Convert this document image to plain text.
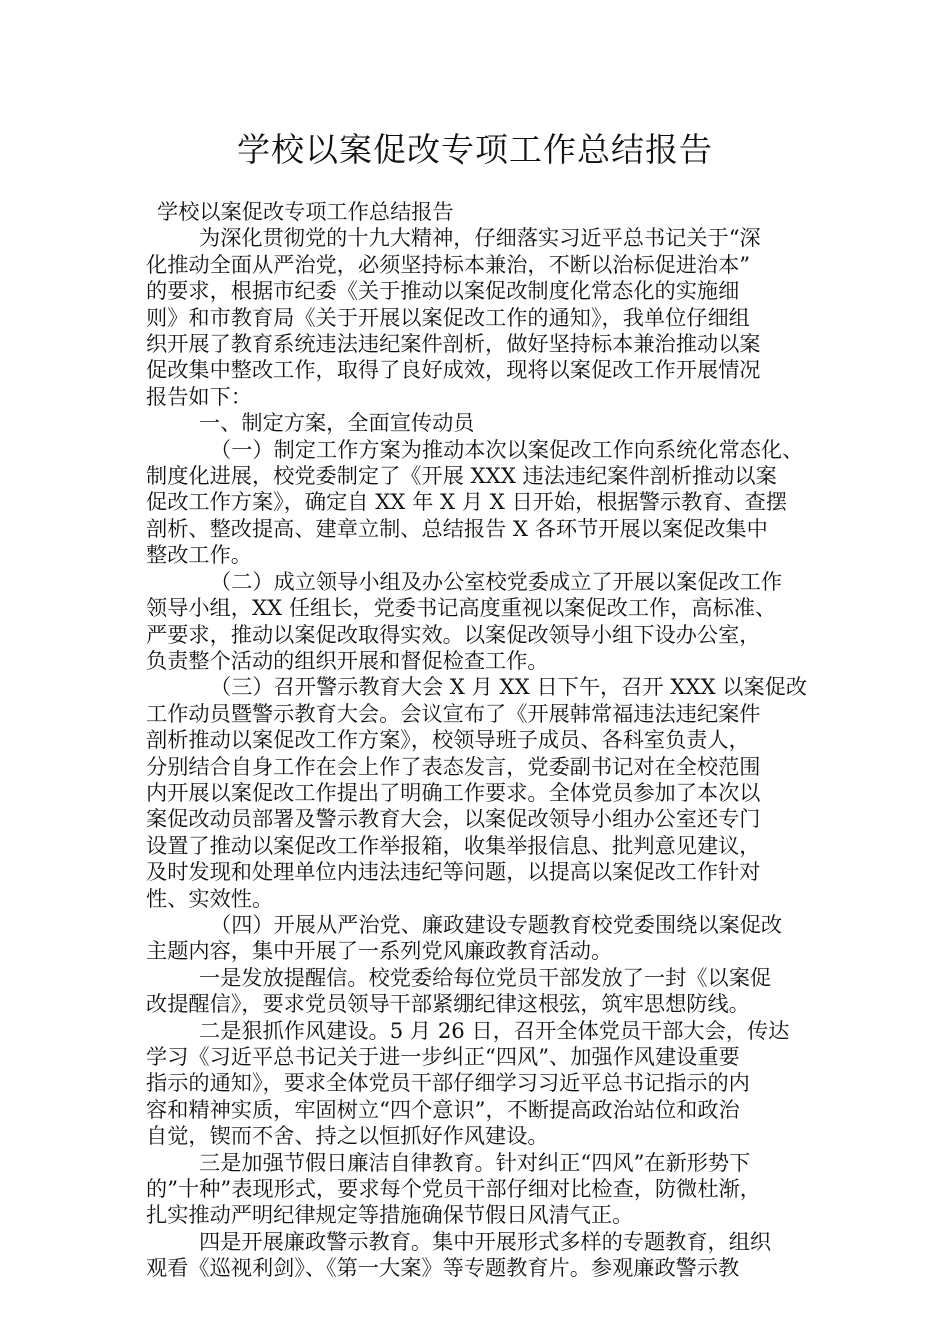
学校以案促改专项工作总结报告

学校以案促改专项工作总结报告

为深化贯彻党的十九大精神，仔细落实习近平总书记关于“深

化推动全面从严治党，必须坚持标本兼治，不断以治标促进治本”

的要求，根据市纪委《关于推动以案促改制度化常态化的实施细

则》和市教育局《关于开展以案促改工作的通知》，我单位仔细组

织开展了教育系统违法违纪案件剖析，做好坚持标本兼治推动以案

促改集中整改工作，取得了良好成效，现将以案促改工作开展情况

报告如下：

一、制定方案，全面宣传动员

（一）制定工作方案为推动本次以案促改工作向系统化常态化、

制度化进展，校党委制定了《开展 XXX 违法违纪案件剖析推动以案

促改工作方案》，确定自 XX 年 X 月 X 日开始，根据警示教育、查摆

剖析、整改提高、建章立制、总结报告 X 各环节开展以案促改集中

整改工作。

（二）成立领导小组及办公室校党委成立了开展以案促改工作

领导小组，XX 任组长，党委书记高度重视以案促改工作，高标准、

严要求，推动以案促改取得实效。以案促改领导小组下设办公室，

负责整个活动的组织开展和督促检查工作。

（三）召开警示教育大会 X 月 XX 日下午，召开 XXX 以案促改

工作动员暨警示教育大会。会议宣布了《开展韩常福违法违纪案件

剖析推动以案促改工作方案》，校领导班子成员、各科室负责人，

分别结合自身工作在会上作了表态发言，党委副书记对在全校范围

内开展以案促改工作提出了明确工作要求。全体党员参加了本次以

案促改动员部署及警示教育大会，以案促改领导小组办公室还专门

设置了推动以案促改工作举报箱，收集举报信息、批判意见建议，

及时发现和处理单位内违法违纪等问题，以提高以案促改工作针对

性、实效性。

（四）开展从严治党、廉政建设专题教育校党委围绕以案促改

主题内容，集中开展了一系列党风廉政教育活动。

一是发放提醒信。校党委给每位党员干部发放了一封《以案促

改提醒信》，要求党员领导干部紧绷纪律这根弦，筑牢思想防线。

二是狠抓作风建设。5 月 26 日，召开全体党员干部大会，传达

学习《习近平总书记关于进一步纠正“四风”、加强作风建设重要

指示的通知》，要求全体党员干部仔细学习习近平总书记指示的内

容和精神实质，牢固树立“四个意识”，不断提高政治站位和政治

自觉，锲而不舍、持之以恒抓好作风建设。

三是加强节假日廉洁自律教育。针对纠正“四风”在新形势下

的”十种”表现形式，要求每个党员干部仔细对比检查，防微杜渐，

扎实推动严明纪律规定等措施确保节假日风清气正。

四是开展廉政警示教育。集中开展形式多样的专题教育，组织

观看《巡视利剑》、《第一大案》等专题教育片。参观廉政警示教
